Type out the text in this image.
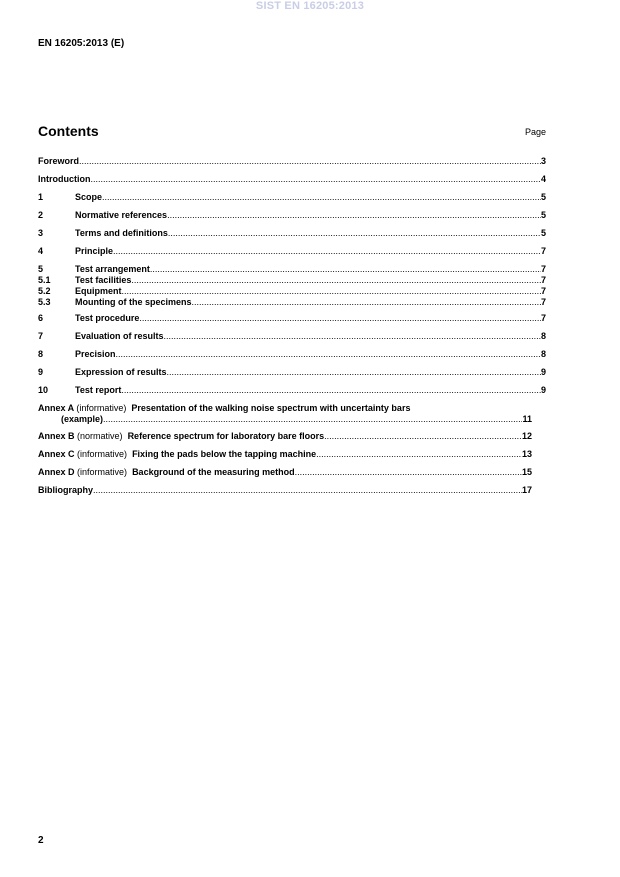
SIST EN 16205:2013
EN 16205:2013 (E)
Contents	Page
Foreword .....	3
Introduction .....	4
1	Scope .....	5
2	Normative references .....	5
3	Terms and definitions .....	5
4	Principle .....	7
5	Test arrangement .....	7
5.1	Test facilities .....	7
5.2	Equipment .....	7
5.3	Mounting of the specimens .....	7
6	Test procedure .....	7
7	Evaluation of results .....	8
8	Precision .....	8
9	Expression of results .....	9
10	Test report .....	9
Annex A (informative) Presentation of the walking noise spectrum with uncertainty bars
(example) .....	11
Annex B (normative) Reference spectrum for laboratory bare floors .....	12
Annex C (informative) Fixing the pads below the tapping machine .....	13
Annex D (informative) Background of the measuring method .....	15
Bibliography .....	17
2
